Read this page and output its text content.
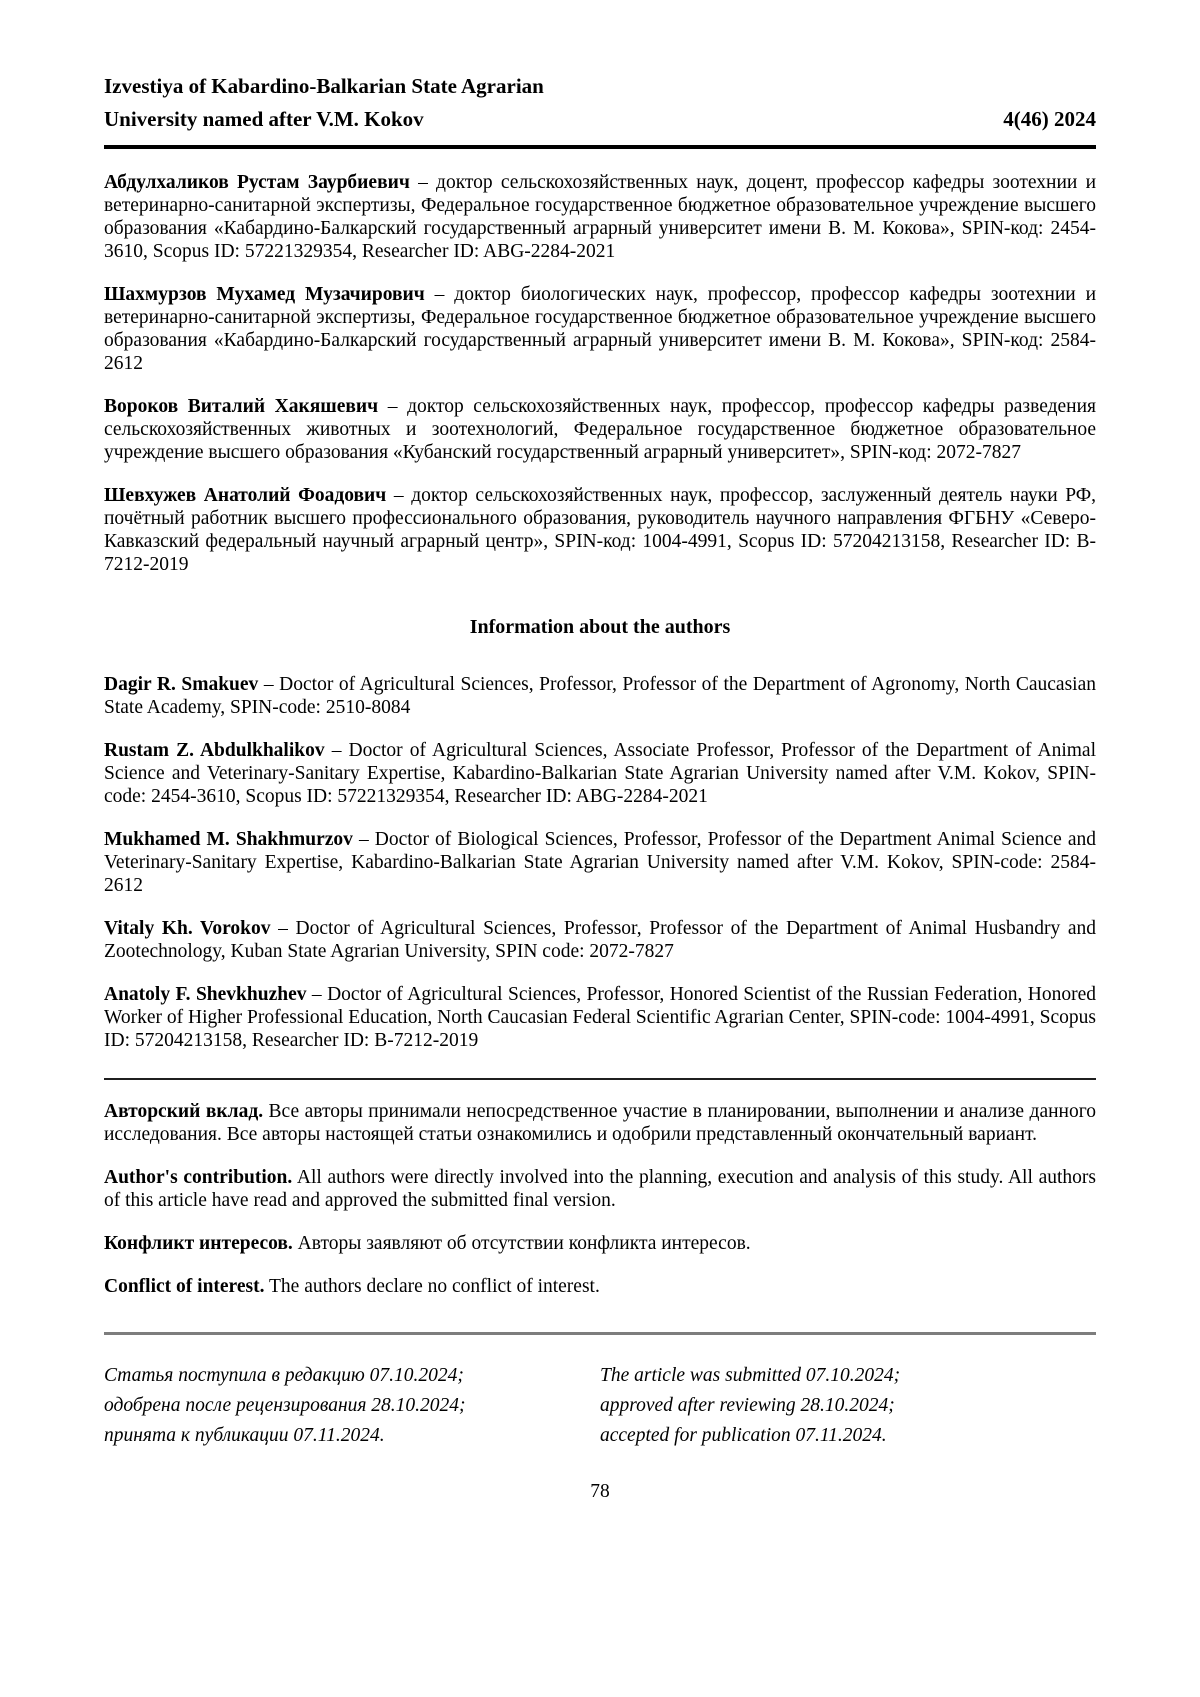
Izvestiya of Kabardino-Balkarian State Agrarian
University named after V.M. Kokov	4(46) 2024

Абдулхаликов Рустам Заурбиевич – доктор сельскохозяйственных наук, доцент, профессор кафедры зоотехнии и ветеринарно-санитарной экспертизы, Федеральное государственное бюджетное образовательное учреждение высшего образования «Кабардино-Балкарский государственный аграрный университет имени В. М. Кокова», SPIN-код: 2454-3610, Scopus ID: 57221329354, Researcher ID: ABG-2284-2021

Шахмурзов Мухамед Музачирович – доктор биологических наук, профессор, профессор кафедры зоотехнии и ветеринарно-санитарной экспертизы, Федеральное государственное бюджетное образовательное учреждение высшего образования «Кабардино-Балкарский государственный аграрный университет имени В. М. Кокова», SPIN-код: 2584-2612

Вороков Виталий Хакяшевич – доктор сельскохозяйственных наук, профессор, профессор кафедры разведения сельскохозяйственных животных и зоотехнологий, Федеральное государственное бюджетное образовательное учреждение высшего образования «Кубанский государственный аграрный университет», SPIN-код: 2072-7827

Шевхужев Анатолий Фоадович – доктор сельскохозяйственных наук, профессор, заслуженный деятель науки РФ, почётный работник высшего профессионального образования, руководитель научного направления ФГБНУ «Северо-Кавказский федеральный научный аграрный центр», SPIN-код: 1004-4991, Scopus ID: 57204213158, Researcher ID: B-7212-2019

Information about the authors

Dagir R. Smakuev – Doctor of Agricultural Sciences, Professor, Professor of the Department of Agronomy, North Caucasian State Academy, SPIN-code: 2510-8084

Rustam Z. Abdulkhalikov – Doctor of Agricultural Sciences, Associate Professor, Professor of the Department of Animal Science and Veterinary-Sanitary Expertise, Kabardino-Balkarian State Agrarian University named after V.M. Kokov, SPIN-code: 2454-3610, Scopus ID: 57221329354, Researcher ID: ABG-2284-2021

Mukhamed M. Shakhmurzov – Doctor of Biological Sciences, Professor, Professor of the Department Animal Science and Veterinary-Sanitary Expertise, Kabardino-Balkarian State Agrarian University named after V.M. Kokov, SPIN-code: 2584-2612

Vitaly Kh. Vorokov – Doctor of Agricultural Sciences, Professor, Professor of the Department of Animal Husbandry and Zootechnology, Kuban State Agrarian University, SPIN code: 2072-7827

Anatoly F. Shevkhuzhev – Doctor of Agricultural Sciences, Professor, Honored Scientist of the Russian Federation, Honored Worker of Higher Professional Education, North Caucasian Federal Scientific Agrarian Center, SPIN-code: 1004-4991, Scopus ID: 57204213158, Researcher ID: B-7212-2019

Авторский вклад. Все авторы принимали непосредственное участие в планировании, выполнении и анализе данного исследования. Все авторы настоящей статьи ознакомились и одобрили представленный окончательный вариант.

Author's contribution. All authors were directly involved into the planning, execution and analysis of this study. All authors of this article have read and approved the submitted final version.

Конфликт интересов. Авторы заявляют об отсутствии конфликта интересов.

Conflict of interest. The authors declare no conflict of interest.

Статья поступила в редакцию 07.10.2024;
одобрена после рецензирования 28.10.2024;
принята к публикации 07.11.2024.
The article was submitted 07.10.2024;
approved after reviewing 28.10.2024;
accepted for publication 07.11.2024.
78
